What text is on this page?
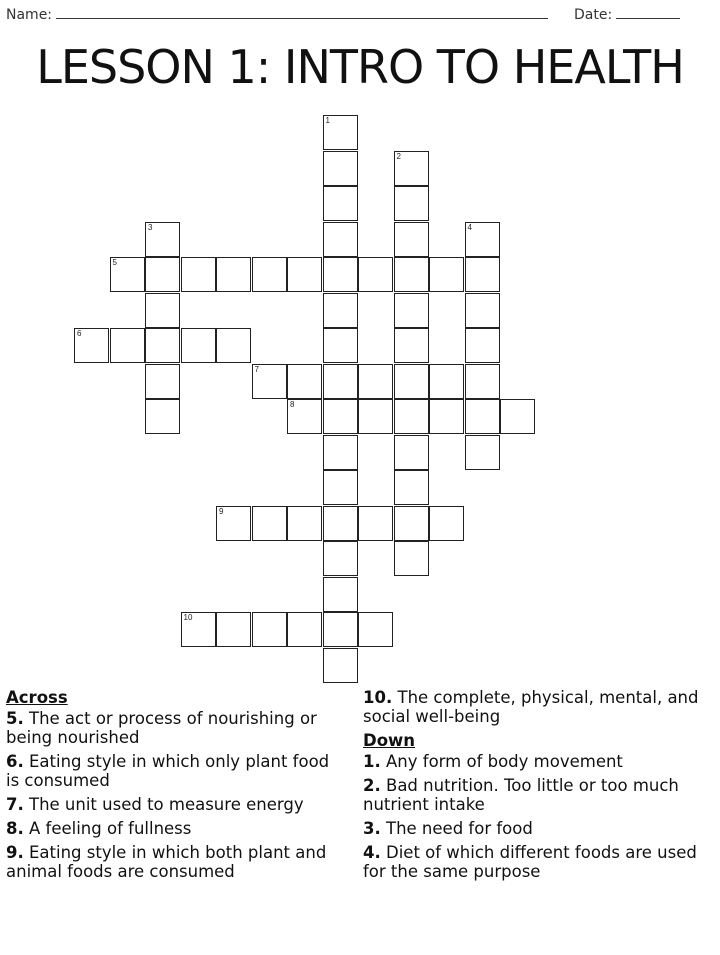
Name:	Date:
LESSON 1: INTRO TO HEALTH
1
2
3	4
5
6
7
8
9
10
Across
5. The act or process of nourishing or being nourished
6. Eating style in which only plant food is consumed
7. The unit used to measure energy
8. A feeling of fullness
9. Eating style in which both plant and animal foods are consumed
10. The complete, physical, mental, and social well-being
Down
1. Any form of body movement
2. Bad nutrition. Too little or too much nutrient intake
3. The need for food
4. Diet of which different foods are used for the same purpose
